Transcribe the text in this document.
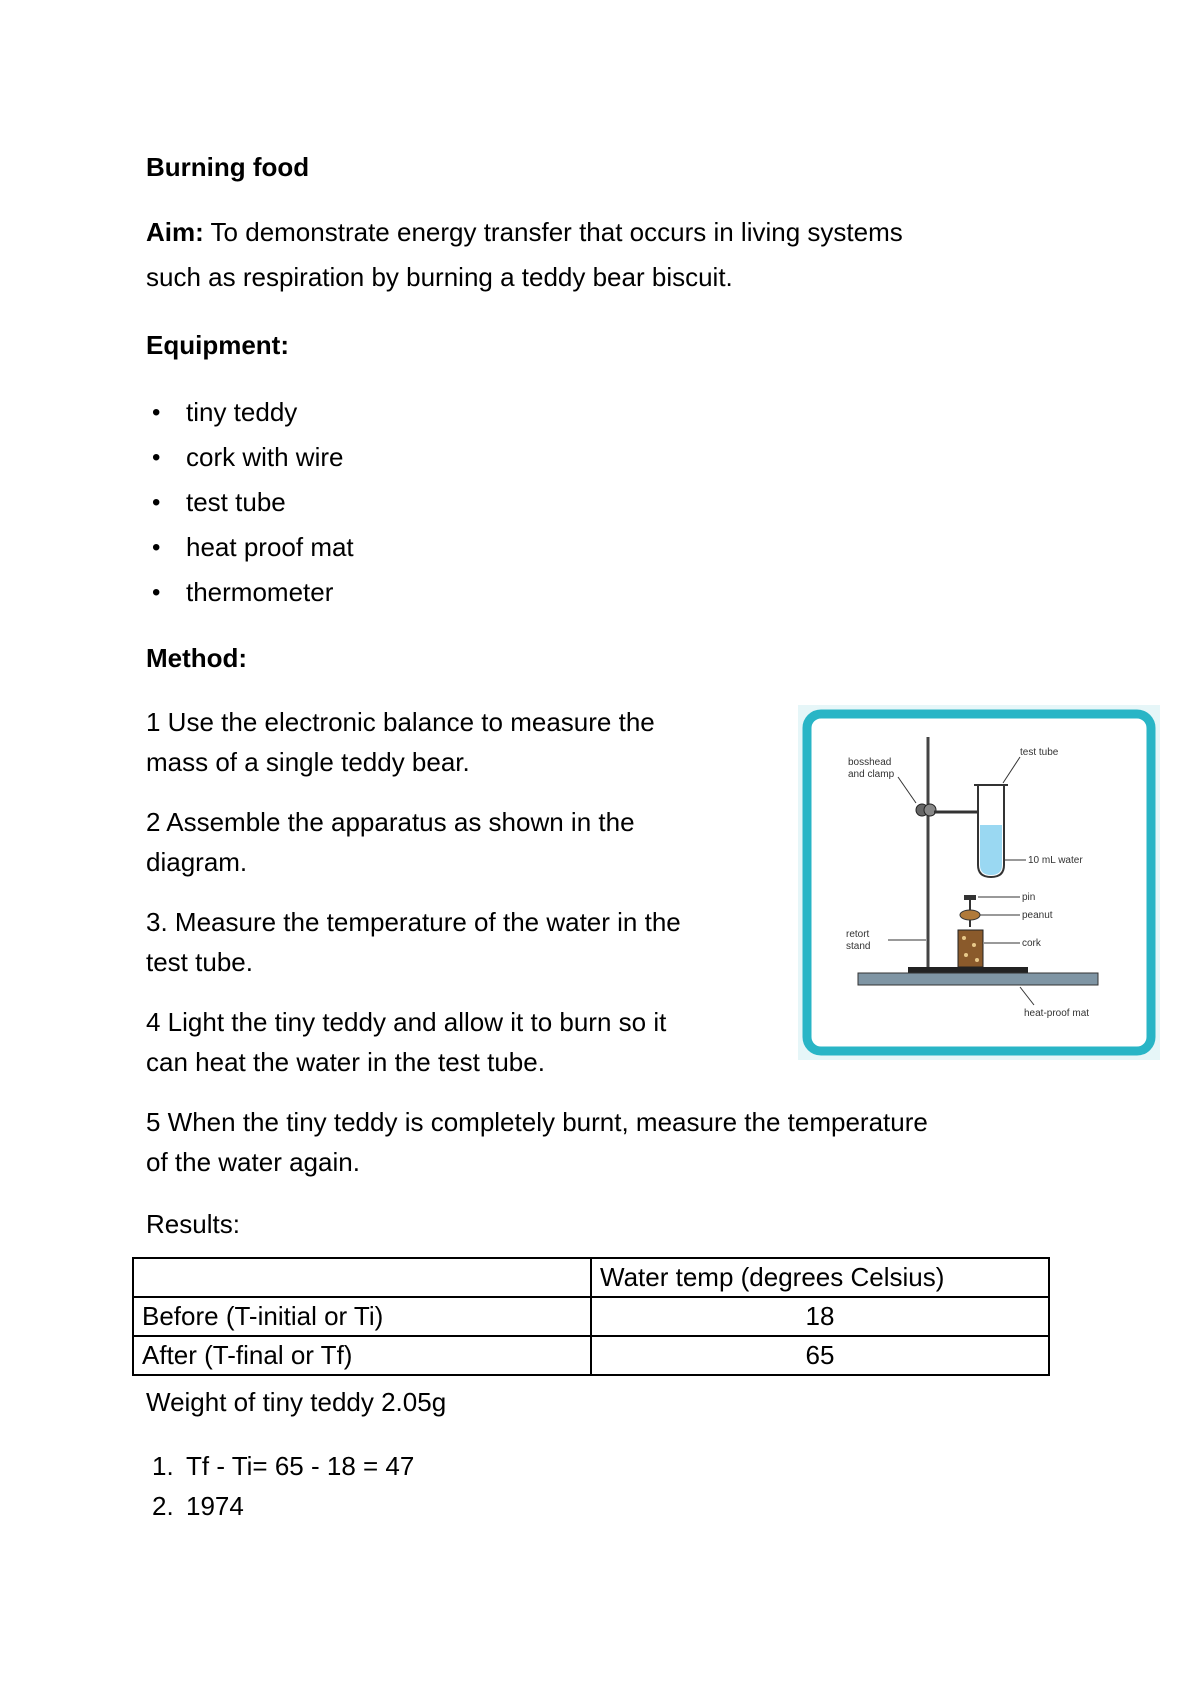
Burning food
Aim: To demonstrate energy transfer that occurs in living systems
such as respiration by burning a teddy bear biscuit.
Equipment:
• tiny teddy
• cork with wire
• test tube
• heat proof mat
• thermometer
Method:
1 Use the electronic balance to measure the
mass of a single teddy bear.
2 Assemble the apparatus as shown in the
diagram.
3. Measure the temperature of the water in the
test tube.
4 Light the tiny teddy and allow it to burn so it
can heat the water in the test tube.
5 When the tiny teddy is completely burnt, measure the temperature
of the water again.
bosshead
and clamp
test tube
10 mL water
retort
stand
pin
peanut
cork
heat-proof mat
Results:
	Water temp (degrees Celsius)
Before (T-initial or Ti)	18
After (T-final or Tf)	65
Weight of tiny teddy 2.05g
1. Tf - Ti= 65 - 18 = 47
2. 1974
